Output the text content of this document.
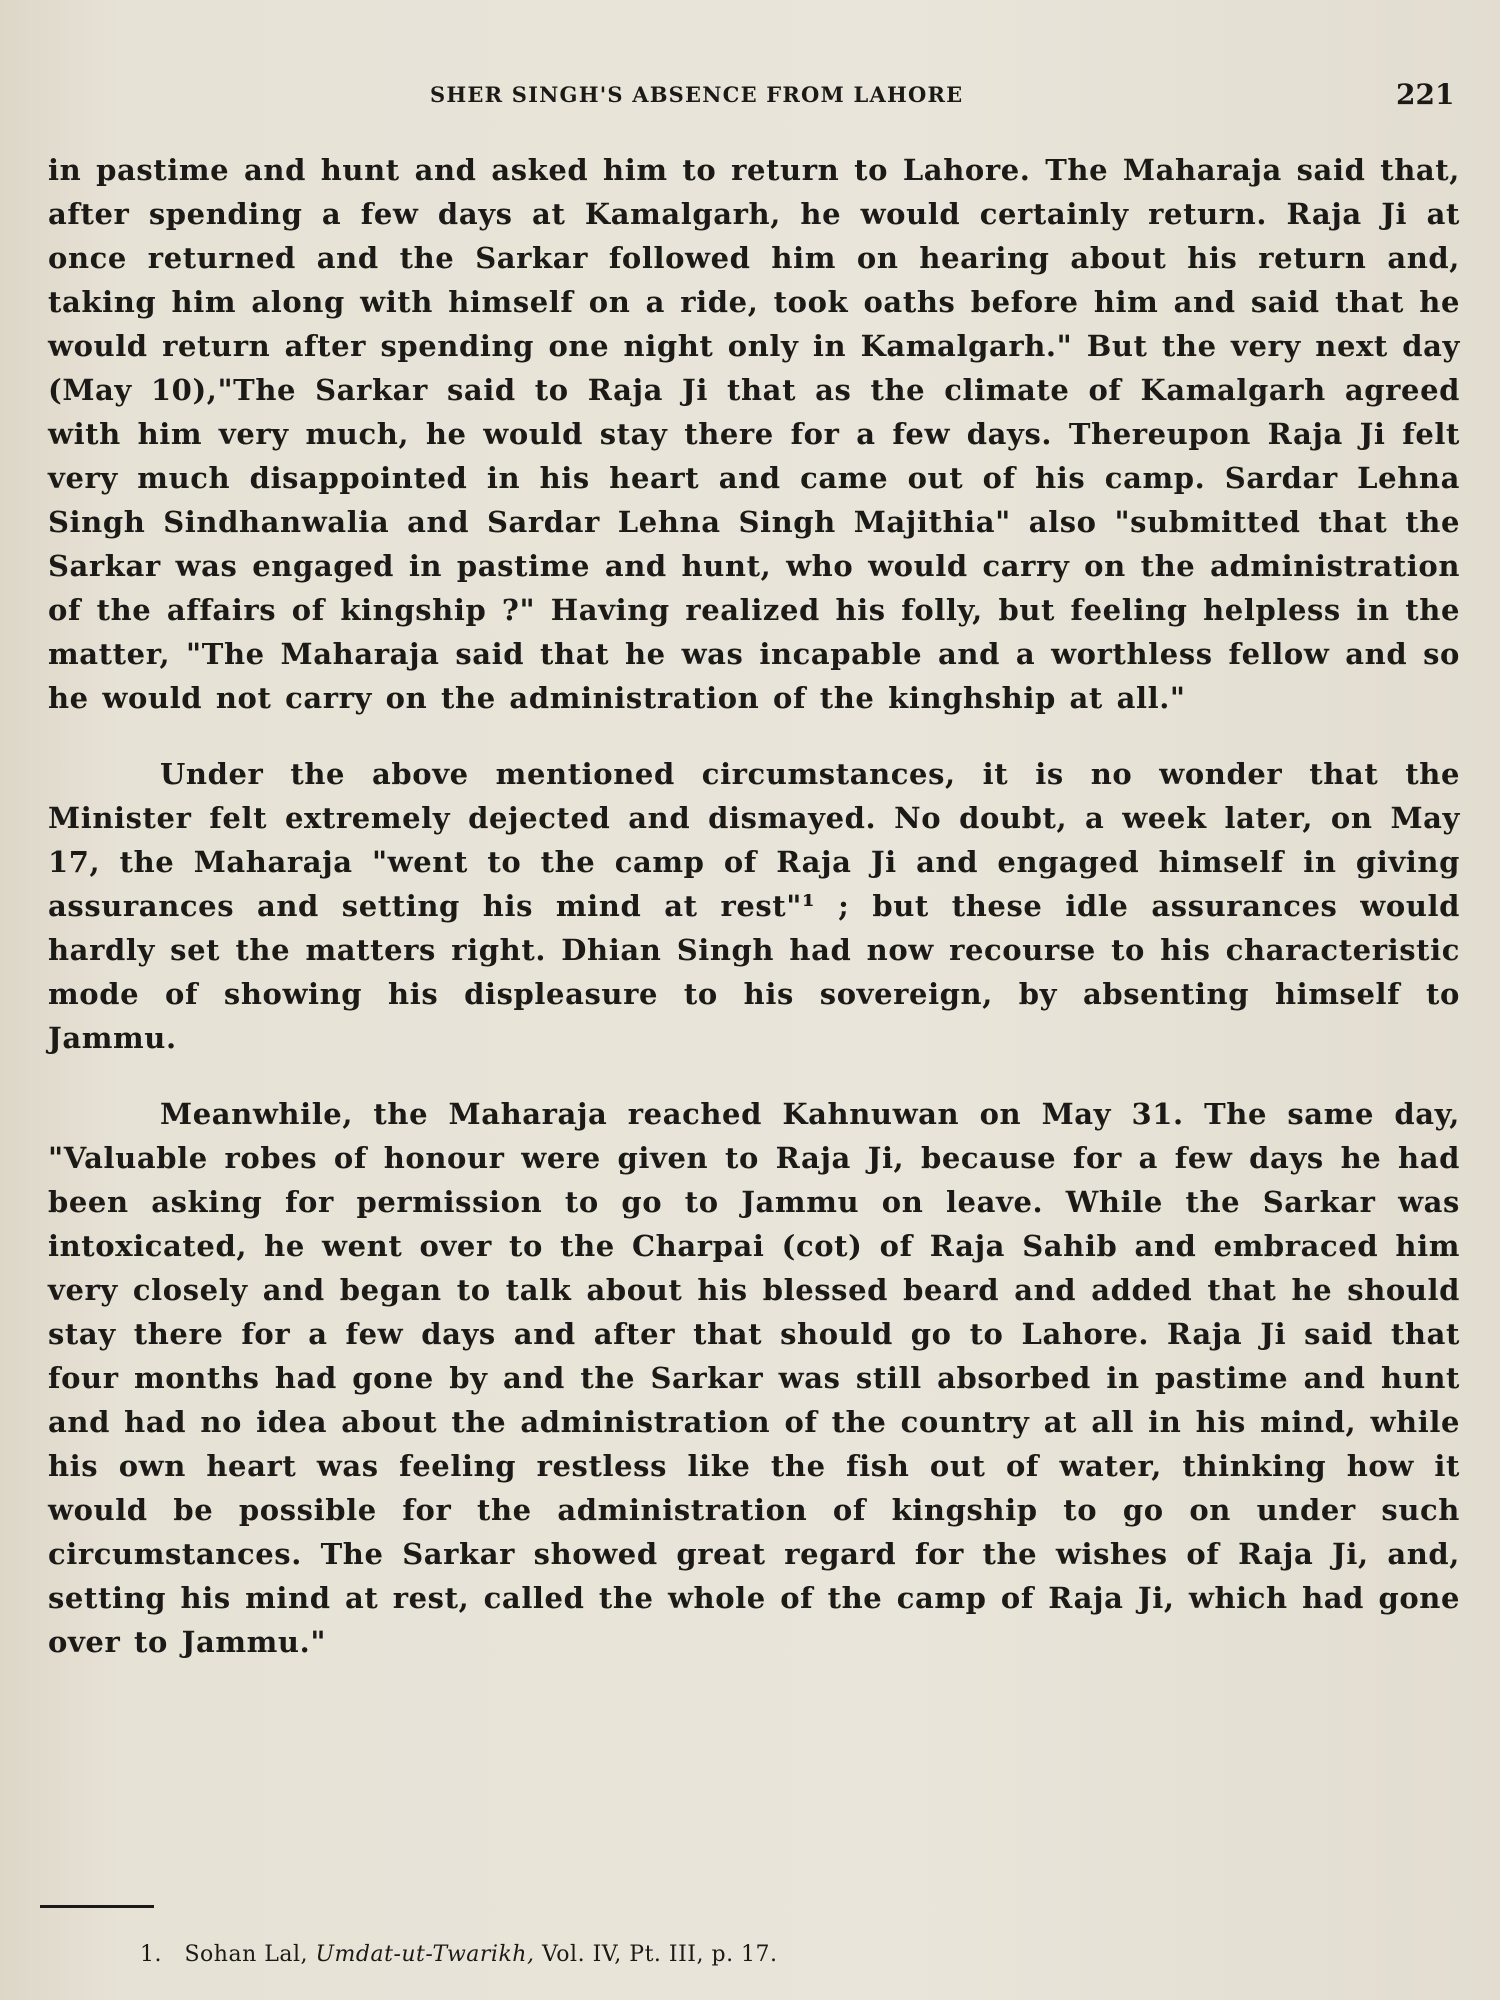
SHER SINGH'S ABSENCE FROM LAHORE	221

in pastime and hunt and asked him to return to Lahore. The Maharaja said that, after spending a few days at Kamalgarh, he would certainly return. Raja Ji at once returned and the Sarkar followed him on hearing about his return and, taking him along with himself on a ride, took oaths before him and said that he would return after spending one night only in Kamalgarh." But the very next day (May 10),"The Sarkar said to Raja Ji that as the climate of Kamalgarh agreed with him very much, he would stay there for a few days. Thereupon Raja Ji felt very much disappointed in his heart and came out of his camp. Sardar Lehna Singh Sindhanwalia and Sardar Lehna Singh Majithia" also "submitted that the Sarkar was engaged in pastime and hunt, who would carry on the administration of the affairs of kingship ?" Having realized his folly, but feeling helpless in the matter, "The Maharaja said that he was incapable and a worthless fellow and so he would not carry on the administration of the kinghship at all."

Under the above mentioned circumstances, it is no wonder that the Minister felt extremely dejected and dismayed. No doubt, a week later, on May 17, the Maharaja "went to the camp of Raja Ji and engaged himself in giving assurances and setting his mind at rest"¹ ; but these idle assurances would hardly set the matters right. Dhian Singh had now recourse to his characteristic mode of showing his displeasure to his sovereign, by absenting himself to Jammu.

Meanwhile, the Maharaja reached Kahnuwan on May 31. The same day, "Valuable robes of honour were given to Raja Ji, because for a few days he had been asking for permission to go to Jammu on leave. While the Sarkar was intoxicated, he went over to the Charpai (cot) of Raja Sahib and embraced him very closely and began to talk about his blessed beard and added that he should stay there for a few days and after that should go to Lahore. Raja Ji said that four months had gone by and the Sarkar was still absorbed in pastime and hunt and had no idea about the administration of the country at all in his mind, while his own heart was feeling restless like the fish out of water, thinking how it would be possible for the administration of kingship to go on under such circumstances. The Sarkar showed great regard for the wishes of Raja Ji, and, setting his mind at rest, called the whole of the camp of Raja Ji, which had gone over to Jammu."

1. Sohan Lal, Umdat-ut-Twarikh, Vol. IV, Pt. III, p. 17.
